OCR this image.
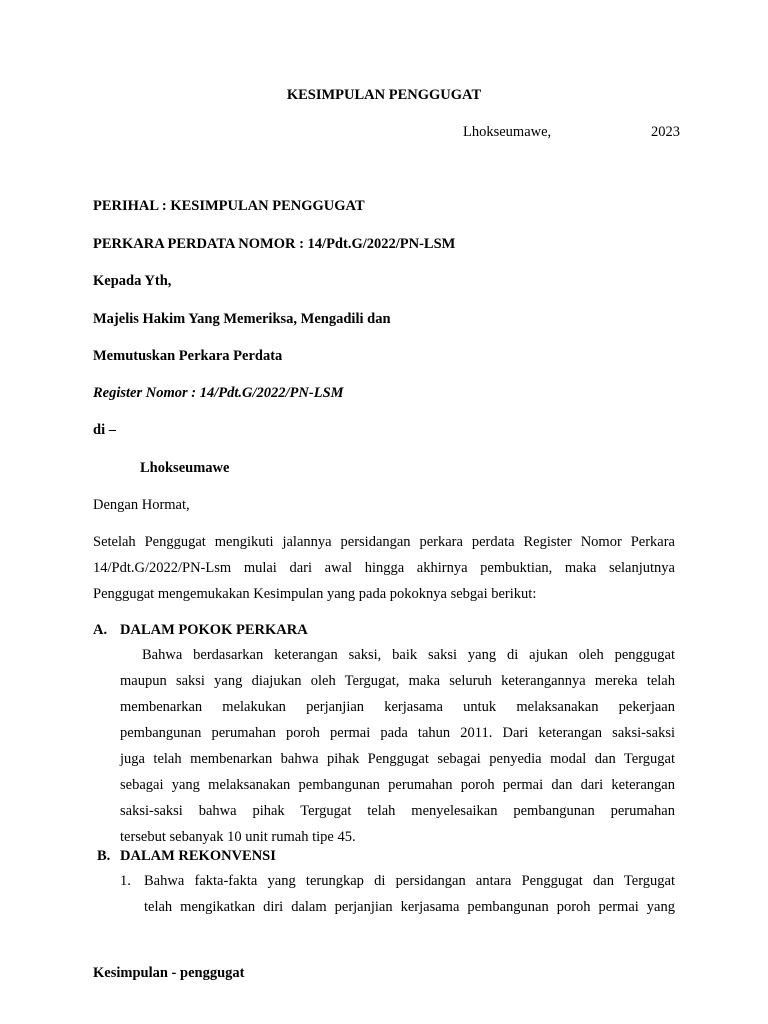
KESIMPULAN PENGGUGAT
Lhokseumawe,	2023
PERIHAL : KESIMPULAN PENGGUGAT
PERKARA PERDATA NOMOR : 14/Pdt.G/2022/PN-LSM
Kepada Yth,
Majelis Hakim Yang Memeriksa, Mengadili dan
Memutuskan Perkara Perdata
Register Nomor : 14/Pdt.G/2022/PN-LSM
di –
Lhokseumawe
Dengan Hormat,
Setelah Penggugat mengikuti jalannya persidangan perkara perdata Register Nomor Perkara
14/Pdt.G/2022/PN-Lsm mulai dari awal hingga akhirnya pembuktian, maka selanjutnya
Penggugat mengemukakan Kesimpulan yang pada pokoknya sebgai berikut:
A. DALAM POKOK PERKARA
Bahwa berdasarkan keterangan saksi, baik saksi yang di ajukan oleh penggugat
maupun saksi yang diajukan oleh Tergugat, maka seluruh keterangannya mereka telah
membenarkan melakukan perjanjian kerjasama untuk melaksanakan pekerjaan
pembangunan perumahan poroh permai pada tahun 2011. Dari keterangan saksi-saksi
juga telah membenarkan bahwa pihak Penggugat sebagai penyedia modal dan Tergugat
sebagai yang melaksanakan pembangunan perumahan poroh permai dan dari keterangan
saksi-saksi bahwa pihak Tergugat telah menyelesaikan pembangunan perumahan
tersebut sebanyak 10 unit rumah tipe 45.
B. DALAM REKONVENSI
1. Bahwa fakta-fakta yang terungkap di persidangan antara Penggugat dan Tergugat
telah mengikatkan diri dalam perjanjian kerjasama pembangunan poroh permai yang
Kesimpulan - penggugat
